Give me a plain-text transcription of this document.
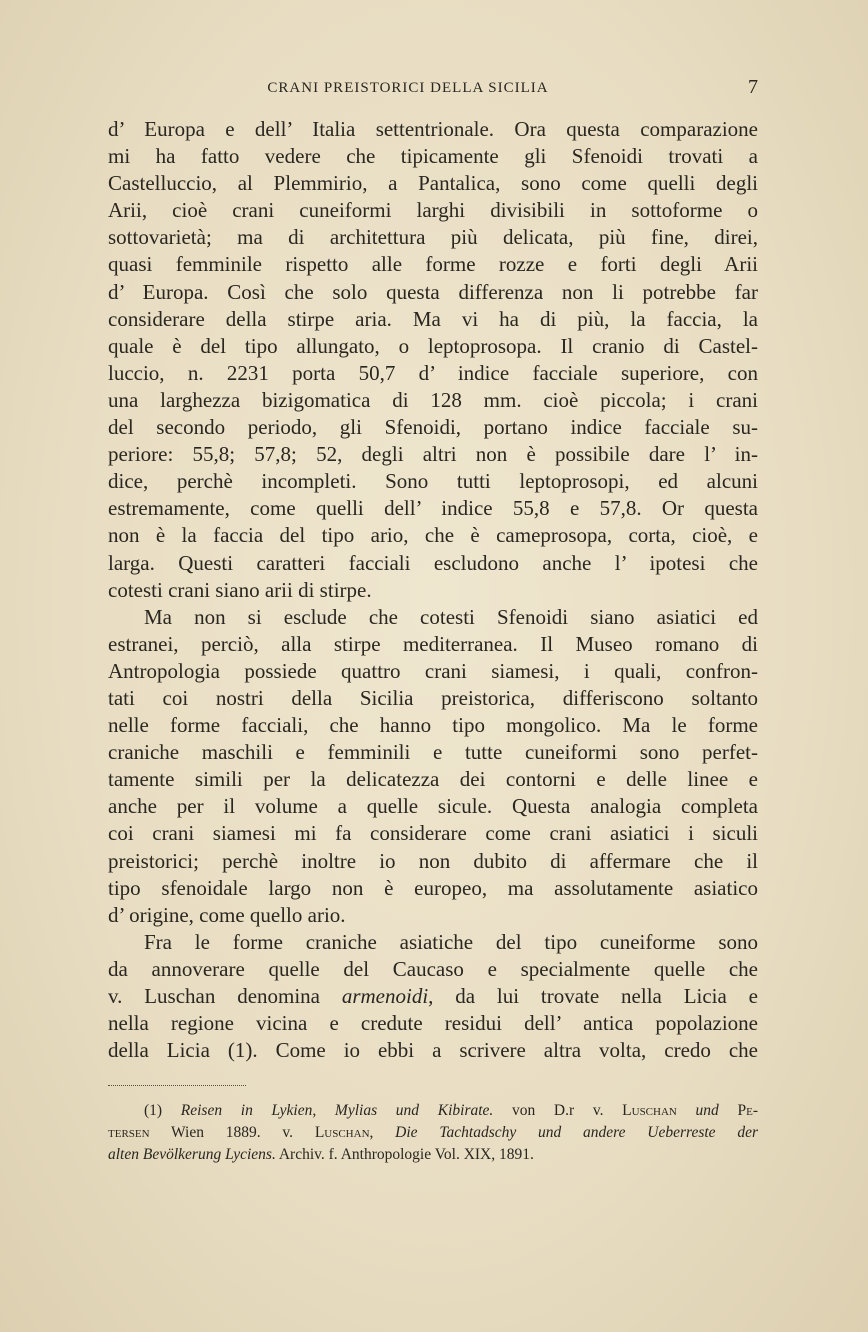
CRANI PREISTORICI DELLA SICILIA	7
d’ Europa e dell’ Italia settentrionale. Ora questa comparazione
mi ha fatto vedere che tipicamente gli Sfenoidi trovati a
Castelluccio, al Plemmirio, a Pantalica, sono come quelli degli
Arii, cioè crani cuneiformi larghi divisibili in sottoforme o
sottovarietà; ma di architettura più delicata, più fine, direi,
quasi femminile rispetto alle forme rozze e forti degli Arii
d’ Europa. Così che solo questa differenza non li potrebbe far
considerare della stirpe aria. Ma vi ha di più, la faccia, la
quale è del tipo allungato, o leptoprosopa. Il cranio di Castel-
luccio, n. 2231 porta 50,7 d’ indice facciale superiore, con
una larghezza bizigomatica di 128 mm. cioè piccola; i crani
del secondo periodo, gli Sfenoidi, portano indice facciale su-
periore: 55,8; 57,8; 52, degli altri non è possibile dare l’ in-
dice, perchè incompleti. Sono tutti leptoprosopi, ed alcuni
estremamente, come quelli dell’ indice 55,8 e 57,8. Or questa
non è la faccia del tipo ario, che è cameprosopa, corta, cioè, e
larga. Questi caratteri facciali escludono anche l’ ipotesi che
cotesti crani siano arii di stirpe.
Ma non si esclude che cotesti Sfenoidi siano asiatici ed
estranei, perciò, alla stirpe mediterranea. Il Museo romano di
Antropologia possiede quattro crani siamesi, i quali, confron-
tati coi nostri della Sicilia preistorica, differiscono soltanto
nelle forme facciali, che hanno tipo mongolico. Ma le forme
craniche maschili e femminili e tutte cuneiformi sono perfet-
tamente simili per la delicatezza dei contorni e delle linee e
anche per il volume a quelle sicule. Questa analogia completa
coi crani siamesi mi fa considerare come crani asiatici i siculi
preistorici; perchè inoltre io non dubito di affermare che il
tipo sfenoidale largo non è europeo, ma assolutamente asiatico
d’ origine, come quello ario.
Fra le forme craniche asiatiche del tipo cuneiforme sono
da annoverare quelle del Caucaso e specialmente quelle che
v. Luschan denomina armenoidi, da lui trovate nella Licia e
nella regione vicina e credute residui dell’ antica popolazione
della Licia (1). Come io ebbi a scrivere altra volta, credo che
(1) Reisen in Lykien, Mylias und Kibirate. von D.r v. Luschan und Pe-
tersen Wien 1889. v. Luschan, Die Tachtadschy und andere Ueberreste der
alten Bevölkerung Lyciens. Archiv. f. Anthropologie Vol. XIX, 1891.
